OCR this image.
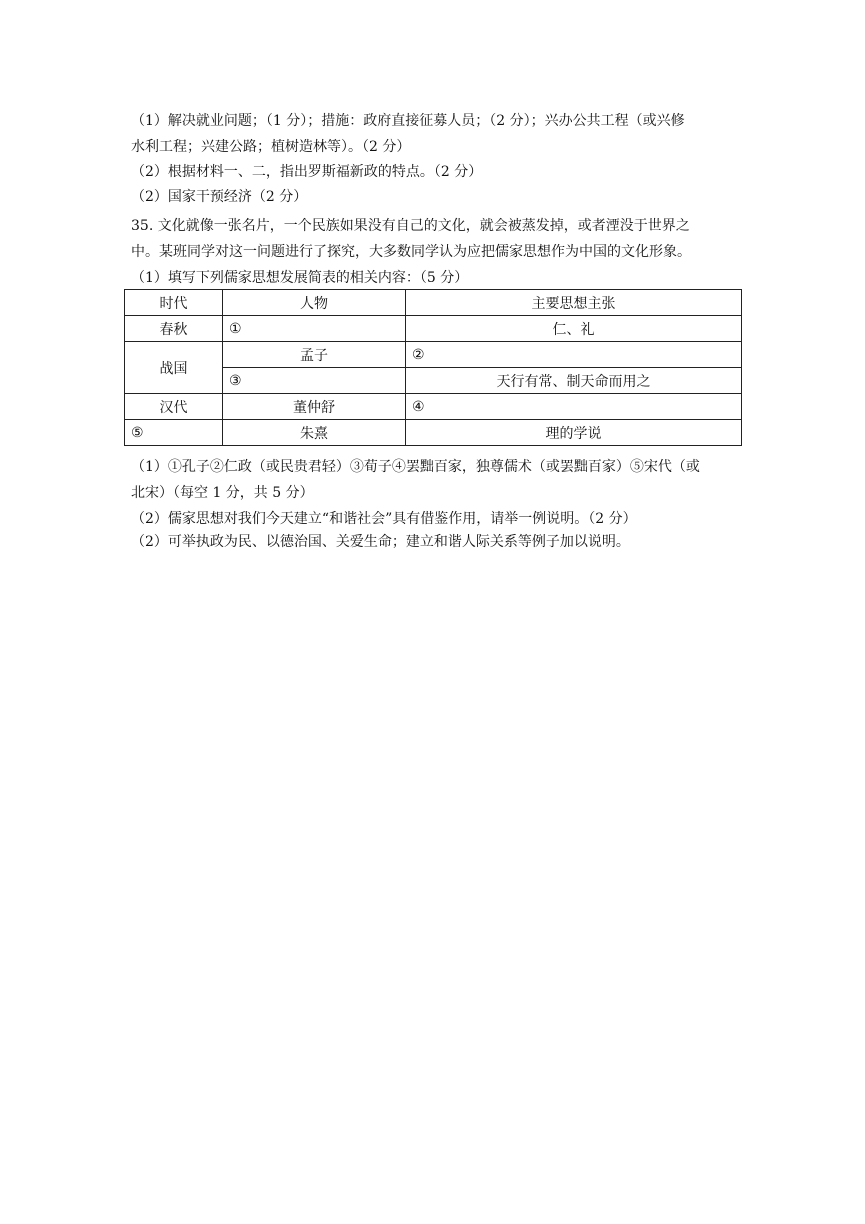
（1）解决就业问题；（1 分）；措施：政府直接征募人员；（2 分）；兴办公共工程（或兴修
水利工程；兴建公路；植树造林等）。（2 分）
（2）根据材料一、二，指出罗斯福新政的特点。（2 分）
（2）国家干预经济（2 分）
35. 文化就像一张名片，一个民族如果没有自己的文化，就会被蒸发掉，或者湮没于世界之
中。某班同学对这一问题进行了探究，大多数同学认为应把儒家思想作为中国的文化形象。
（1）填写下列儒家思想发展简表的相关内容：（5 分）
时代	人物	主要思想主张
春秋	①	仁、礼
战国	孟子	②
	③	天行有常、制天命而用之
汉代	董仲舒	④
⑤	朱熹	理的学说
（1）①孔子②仁政（或民贵君轻）③荀子④罢黜百家，独尊儒术（或罢黜百家）⑤宋代（或
北宋）（每空 1 分，共 5 分）
（2）儒家思想对我们今天建立“和谐社会”具有借鉴作用，请举一例说明。（2 分）
（2）可举执政为民、以德治国、关爱生命；建立和谐人际关系等例子加以说明。
